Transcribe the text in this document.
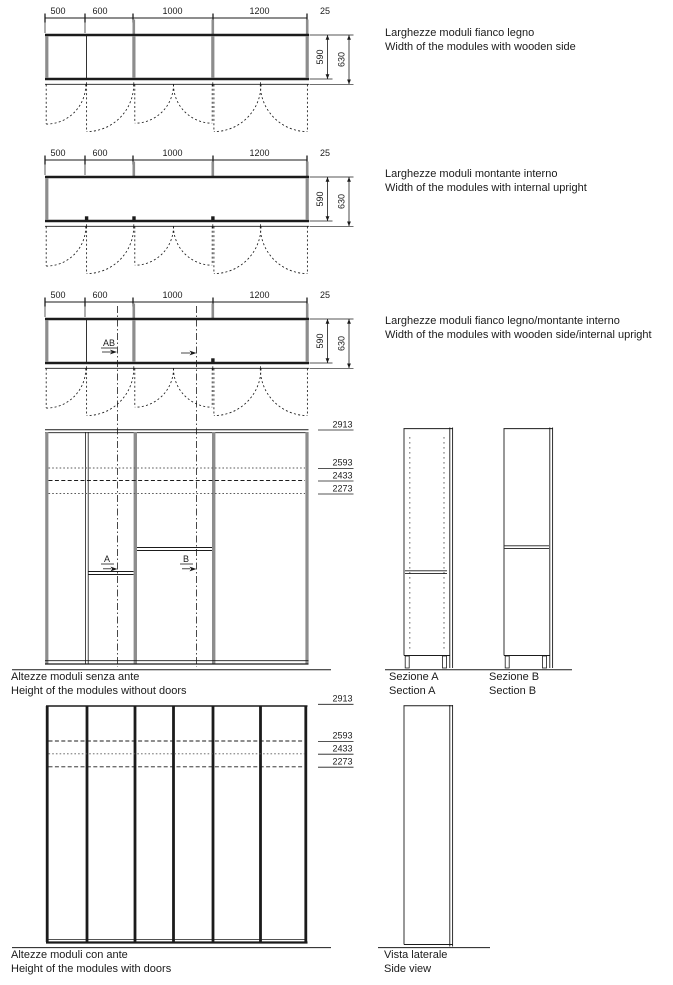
500	600	1000	1200	25
590 630
500	600	1000	1200	25
590 630
500	600	1000	1200	25
590 630
AB
A	B
2913
2593
2433
2273
2913
2593
2433
2273
Larghezze moduli fianco legno
Width of the modules with wooden side
Larghezze moduli montante interno
Width of the modules with internal upright
Larghezze moduli fianco legno/montante interno
Width of the modules with wooden side/internal upright
Altezze moduli senza ante
Height of the modules without doors
Sezione A
Section A
Sezione B
Section B
Altezze moduli con ante
Height of the modules with doors
Vista laterale
Side view
